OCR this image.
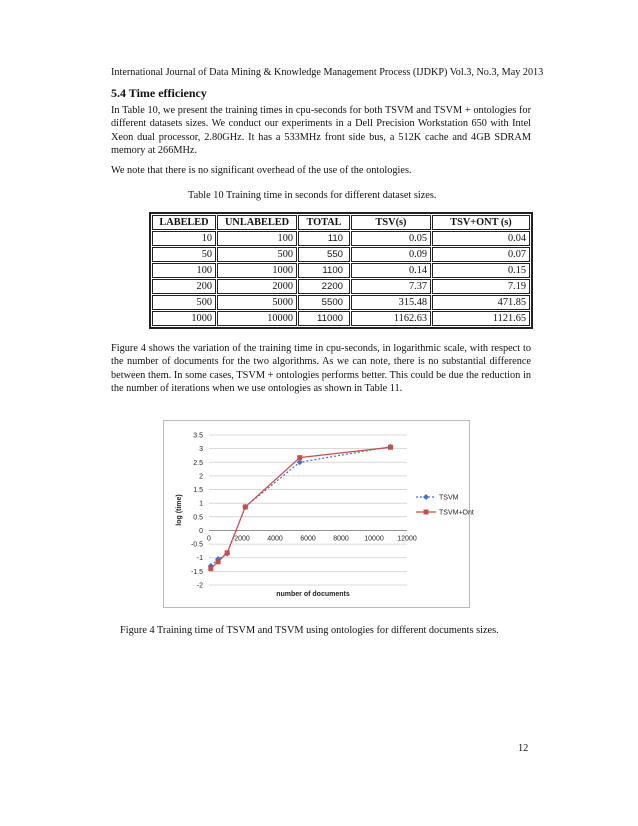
International Journal of Data Mining & Knowledge Management Process (IJDKP) Vol.3, No.3, May 2013
5.4 Time efficiency

In Table 10, we present the training times in cpu-seconds for both TSVM and TSVM + ontologies for different datasets sizes. We conduct our experiments in a Dell Precision Workstation 650 with Intel Xeon dual processor, 2.80GHz. It has a 533MHz front side bus, a 512K cache and 4GB SDRAM memory at 266MHz.

We note that there is no significant overhead of the use of the ontologies.

Table 10 Training time in seconds for different dataset sizes.
LABELED	UNLABELED	TOTAL	TSV(s)	TSV+ONT (s)
10	100	110	0.05	0.04
50	500	550	0.09	0.07
100	1000	1100	0.14	0.15
200	2000	2200	7.37	7.19
500	5000	5500	315.48	471.85
1000	10000	11000	1162.63	1121.65

Figure 4 shows the variation of the training time in cpu-seconds, in logarithmic scale, with respect to the number of documents for the two algorithms. As we can note, there is no substantial difference between them. In some cases, TSVM + ontologies performs better. This could be due the reduction in the number of iterations when we use ontologies as shown in Table 11.

-2
-1.5
-1
-0.5
0
0.5
1
1.5
2
2.5
3
3.5
0	2000 4000 6000 8000 10000 12000
number of documents
log (time)	TSVM
TSVM+Ont
Figure 4 Training time of TSVM and TSVM using ontologies for different documents sizes.
12
